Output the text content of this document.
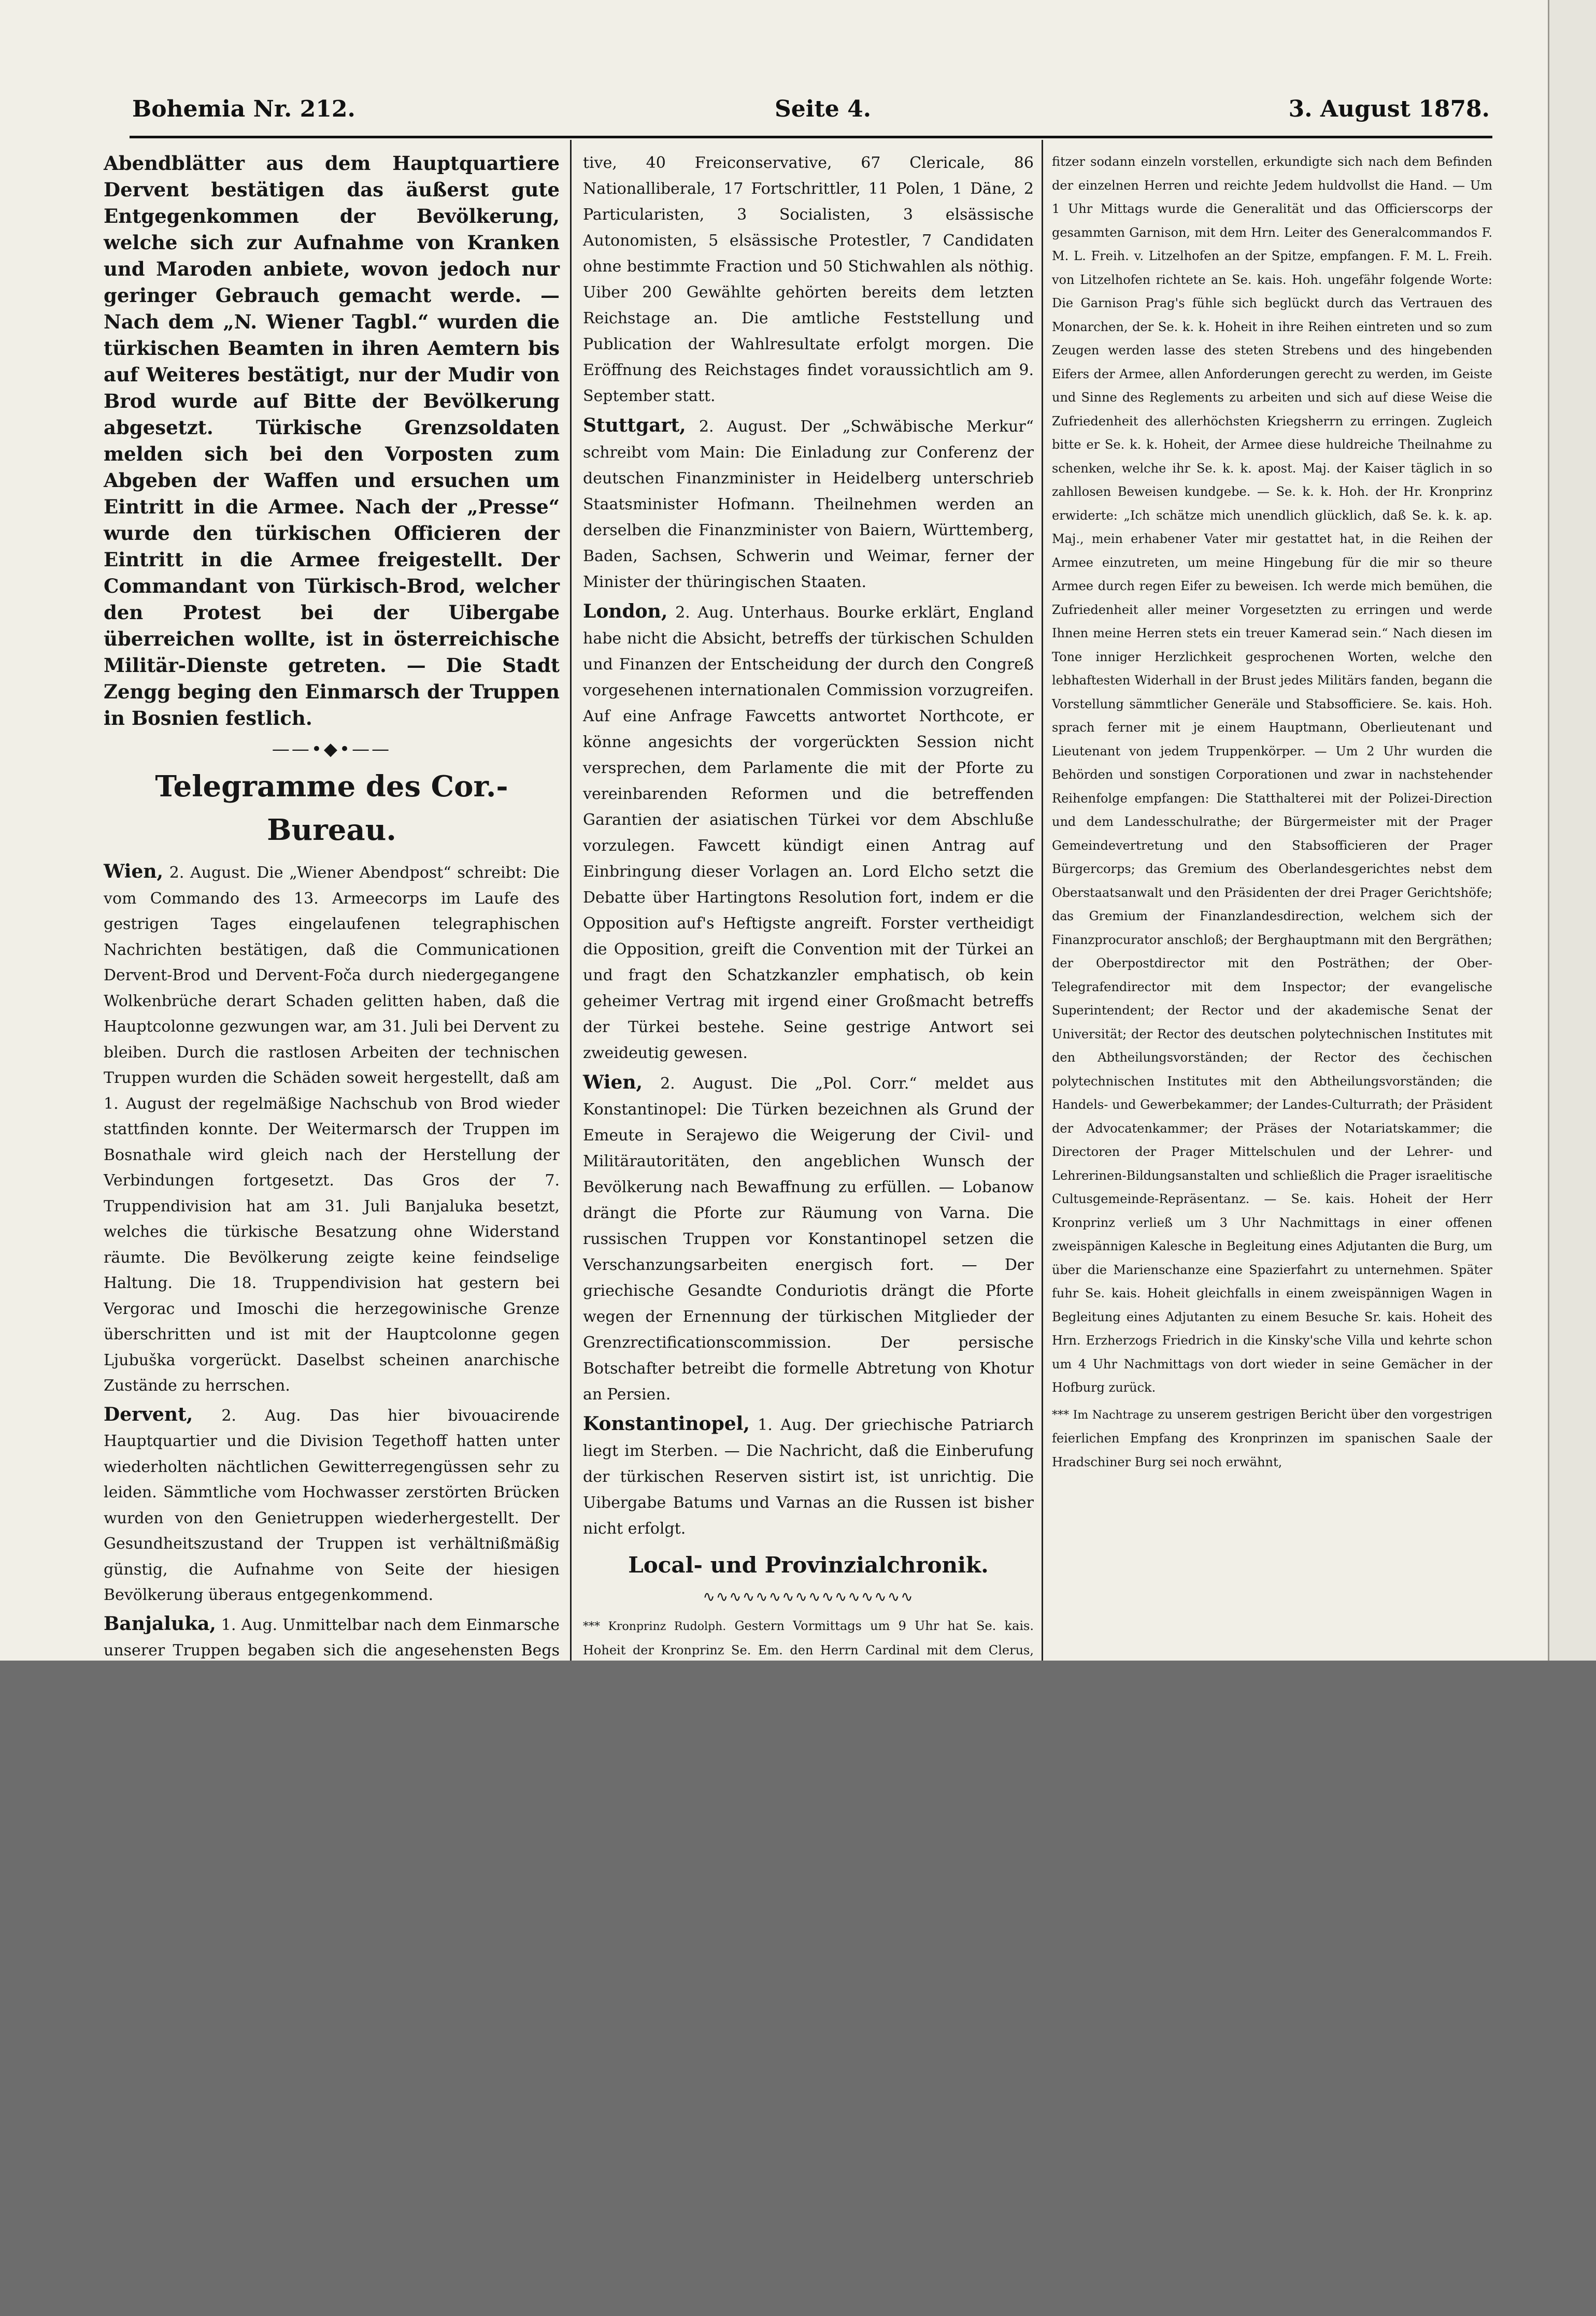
Bohemia Nr. 212.	Seite 4.	3. August 1878.

Abendblätter aus dem Hauptquartiere Dervent bestätigen das äußerst gute Entgegenkommen der Bevölkerung, welche sich zur Aufnahme von Kranken und Maroden anbiete, wovon jedoch nur geringer Gebrauch gemacht werde. — Nach dem „N. Wiener Tagbl.“ wurden die türkischen Beamten in ihren Aemtern bis auf Weiteres bestätigt, nur der Mudir von Brod wurde auf Bitte der Bevölkerung abgesetzt. Türkische Grenzsoldaten melden sich bei den Vorposten zum Abgeben der Waffen und ersuchen um Eintritt in die Armee. Nach der „Presse“ wurde den türkischen Officieren der Eintritt in die Armee freigestellt. Der Commandant von Türkisch-Brod, welcher den Protest bei der Uibergabe überreichen wollte, ist in österreichische Militär-Dienste getreten. — Die Stadt Zengg beging den Einmarsch der Truppen in Bosnien festlich.

——•◆•——
Telegramme des Cor.-Bureau.

Wien, 2. August. Die „Wiener Abendpost“ schreibt: Die vom Commando des 13. Armeecorps im Laufe des gestrigen Tages eingelaufenen telegraphischen Nachrichten bestätigen, daß die Communicationen Dervent-Brod und Dervent-Foča durch niedergegangene Wolkenbrüche derart Schaden gelitten haben, daß die Hauptcolonne gezwungen war, am 31. Juli bei Dervent zu bleiben. Durch die rastlosen Arbeiten der technischen Truppen wurden die Schäden soweit hergestellt, daß am 1. August der regelmäßige Nachschub von Brod wieder stattfinden konnte. Der Weitermarsch der Truppen im Bosnathale wird gleich nach der Herstellung der Verbindungen fortgesetzt. Das Gros der 7. Truppendivision hat am 31. Juli Banjaluka besetzt, welches die türkische Besatzung ohne Widerstand räumte. Die Bevölkerung zeigte keine feindselige Haltung. Die 18. Truppendivision hat gestern bei Vergorac und Imoschi die herzegowinische Grenze überschritten und ist mit der Hauptcolonne gegen Ljubuška vorgerückt. Daselbst scheinen anarchische Zustände zu herrschen.

Dervent, 2. Aug. Das hier bivouacirende Hauptquartier und die Division Tegethoff hatten unter wiederholten nächtlichen Gewitterregengüssen sehr zu leiden. Sämmtliche vom Hochwasser zerstörten Brücken wurden von den Genietruppen wiederhergestellt. Der Gesundheitszustand der Truppen ist verhältnißmäßig günstig, die Aufnahme von Seite der hiesigen Bevölkerung überaus entgegenkommend.

Banjaluka, 1. Aug. Unmittelbar nach dem Einmarsche unserer Truppen begaben sich die angesehensten Begs

tive, 40 Freiconservative, 67 Clericale, 86 Nationalliberale, 17 Fortschrittler, 11 Polen, 1 Däne, 2 Particularisten, 3 Socialisten, 3 elsässische Autonomisten, 5 elsässische Protestler, 7 Candidaten ohne bestimmte Fraction und 50 Stichwahlen als nöthig. Uiber 200 Gewählte gehörten bereits dem letzten Reichstage an. Die amtliche Feststellung und Publication der Wahlresultate erfolgt morgen. Die Eröffnung des Reichstages findet voraussichtlich am 9. September statt.

Stuttgart, 2. August. Der „Schwäbische Merkur“ schreibt vom Main: Die Einladung zur Conferenz der deutschen Finanzminister in Heidelberg unterschrieb Staatsminister Hofmann. Theilnehmen werden an derselben die Finanzminister von Baiern, Württemberg, Baden, Sachsen, Schwerin und Weimar, ferner der Minister der thüringischen Staaten.

London, 2. Aug. Unterhaus. Bourke erklärt, England habe nicht die Absicht, betreffs der türkischen Schulden und Finanzen der Entscheidung der durch den Congreß vorgesehenen internationalen Commission vorzugreifen. Auf eine Anfrage Fawcetts antwortet Northcote, er könne angesichts der vorgerückten Session nicht versprechen, dem Parlamente die mit der Pforte zu vereinbarenden Reformen und die betreffenden Garantien der asiatischen Türkei vor dem Abschluße vorzulegen. Fawcett kündigt einen Antrag auf Einbringung dieser Vorlagen an. Lord Elcho setzt die Debatte über Hartingtons Resolution fort, indem er die Opposition auf's Heftigste angreift. Forster vertheidigt die Opposition, greift die Convention mit der Türkei an und fragt den Schatzkanzler emphatisch, ob kein geheimer Vertrag mit irgend einer Großmacht betreffs der Türkei bestehe. Seine gestrige Antwort sei zweideutig gewesen.

Wien, 2. August. Die „Pol. Corr.“ meldet aus Konstantinopel: Die Türken bezeichnen als Grund der Emeute in Serajewo die Weigerung der Civil- und Militärautoritäten, den angeblichen Wunsch der Bevölkerung nach Bewaffnung zu erfüllen. — Lobanow drängt die Pforte zur Räumung von Varna. Die russischen Truppen vor Konstantinopel setzen die Verschanzungsarbeiten energisch fort. — Der griechische Gesandte Conduriotis drängt die Pforte wegen der Ernennung der türkischen Mitglieder der Grenzrectificationscommission. Der persische Botschafter betreibt die formelle Abtretung von Khotur an Persien.

Konstantinopel, 1. Aug. Der griechische Patriarch liegt im Sterben. — Die Nachricht, daß die Einberufung der türkischen Reserven sistirt ist, ist unrichtig. Die Uibergabe Batums und Varnas an die Russen ist bisher nicht erfolgt.

Local- und Provinzialchronik.
∿∿∿∿∿∿∿∿∿∿∿∿∿∿∿∿

*** Kronprinz Rudolph. Gestern Vormittags um 9 Uhr hat Se. kais. Hoheit der Kronprinz Se. Em. den Herrn Cardinal mit dem Clerus,

fitzer sodann einzeln vorstellen, erkundigte sich nach dem Befinden der einzelnen Herren und reichte Jedem huldvollst die Hand. — Um 1 Uhr Mittags wurde die Generalität und das Officierscorps der gesammten Garnison, mit dem Hrn. Leiter des Generalcommandos F. M. L. Freih. v. Litzelhofen an der Spitze, empfangen. F. M. L. Freih. von Litzelhofen richtete an Se. kais. Hoh. ungefähr folgende Worte: Die Garnison Prag's fühle sich beglückt durch das Vertrauen des Monarchen, der Se. k. k. Hoheit in ihre Reihen eintreten und so zum Zeugen werden lasse des steten Strebens und des hingebenden Eifers der Armee, allen Anforderungen gerecht zu werden, im Geiste und Sinne des Reglements zu arbeiten und sich auf diese Weise die Zufriedenheit des allerhöchsten Kriegsherrn zu erringen. Zugleich bitte er Se. k. k. Hoheit, der Armee diese huldreiche Theilnahme zu schenken, welche ihr Se. k. k. apost. Maj. der Kaiser täglich in so zahllosen Beweisen kundgebe. — Se. k. k. Hoh. der Hr. Kronprinz erwiderte: „Ich schätze mich unendlich glücklich, daß Se. k. k. ap. Maj., mein erhabener Vater mir gestattet hat, in die Reihen der Armee einzutreten, um meine Hingebung für die mir so theure Armee durch regen Eifer zu beweisen. Ich werde mich bemühen, die Zufriedenheit aller meiner Vorgesetzten zu erringen und werde Ihnen meine Herren stets ein treuer Kamerad sein.“ Nach diesen im Tone inniger Herzlichkeit gesprochenen Worten, welche den lebhaftesten Widerhall in der Brust jedes Militärs fanden, begann die Vorstellung sämmtlicher Generäle und Stabsofficiere. Se. kais. Hoh. sprach ferner mit je einem Hauptmann, Oberlieutenant und Lieutenant von jedem Truppenkörper. — Um 2 Uhr wurden die Behörden und sonstigen Corporationen und zwar in nachstehender Reihenfolge empfangen: Die Statthalterei mit der Polizei-Direction und dem Landesschulrathe; der Bürgermeister mit der Prager Gemeindevertretung und den Stabsofficieren der Prager Bürgercorps; das Gremium des Oberlandesgerichtes nebst dem Oberstaatsanwalt und den Präsidenten der drei Prager Gerichtshöfe; das Gremium der Finanzlandesdirection, welchem sich der Finanzprocurator anschloß; der Berghauptmann mit den Bergräthen; der Oberpostdirector mit den Posträthen; der Ober-Telegrafendirector mit dem Inspector; der evangelische Superintendent; der Rector und der akademische Senat der Universität; der Rector des deutschen polytechnischen Institutes mit den Abtheilungsvorständen; der Rector des čechischen polytechnischen Institutes mit den Abtheilungsvorständen; die Handels- und Gewerbekammer; der Landes-Culturrath; der Präsident der Advocatenkammer; der Präses der Notariatskammer; die Directoren der Prager Mittelschulen und der Lehrer- und Lehrerinen-Bildungsanstalten und schließlich die Prager israelitische Cultusgemeinde-Repräsentanz. — Se. kais. Hoheit der Herr Kronprinz verließ um 3 Uhr Nachmittags in einer offenen zweispännigen Kalesche in Begleitung eines Adjutanten die Burg, um über die Marienschanze eine Spazierfahrt zu unternehmen. Später fuhr Se. kais. Hoheit gleichfalls in einem zweispännigen Wagen in Begleitung eines Adjutanten zu einem Besuche Sr. kais. Hoheit des Hrn. Erzherzogs Friedrich in die Kinsky'sche Villa und kehrte schon um 4 Uhr Nachmittags von dort wieder in seine Gemächer in der Hofburg zurück.

*** Im Nachtrage zu unserem gestrigen Bericht über den vorgestrigen feierlichen Empfang des Kronprinzen im spanischen Saale der Hradschiner Burg sei noch erwähnt,
